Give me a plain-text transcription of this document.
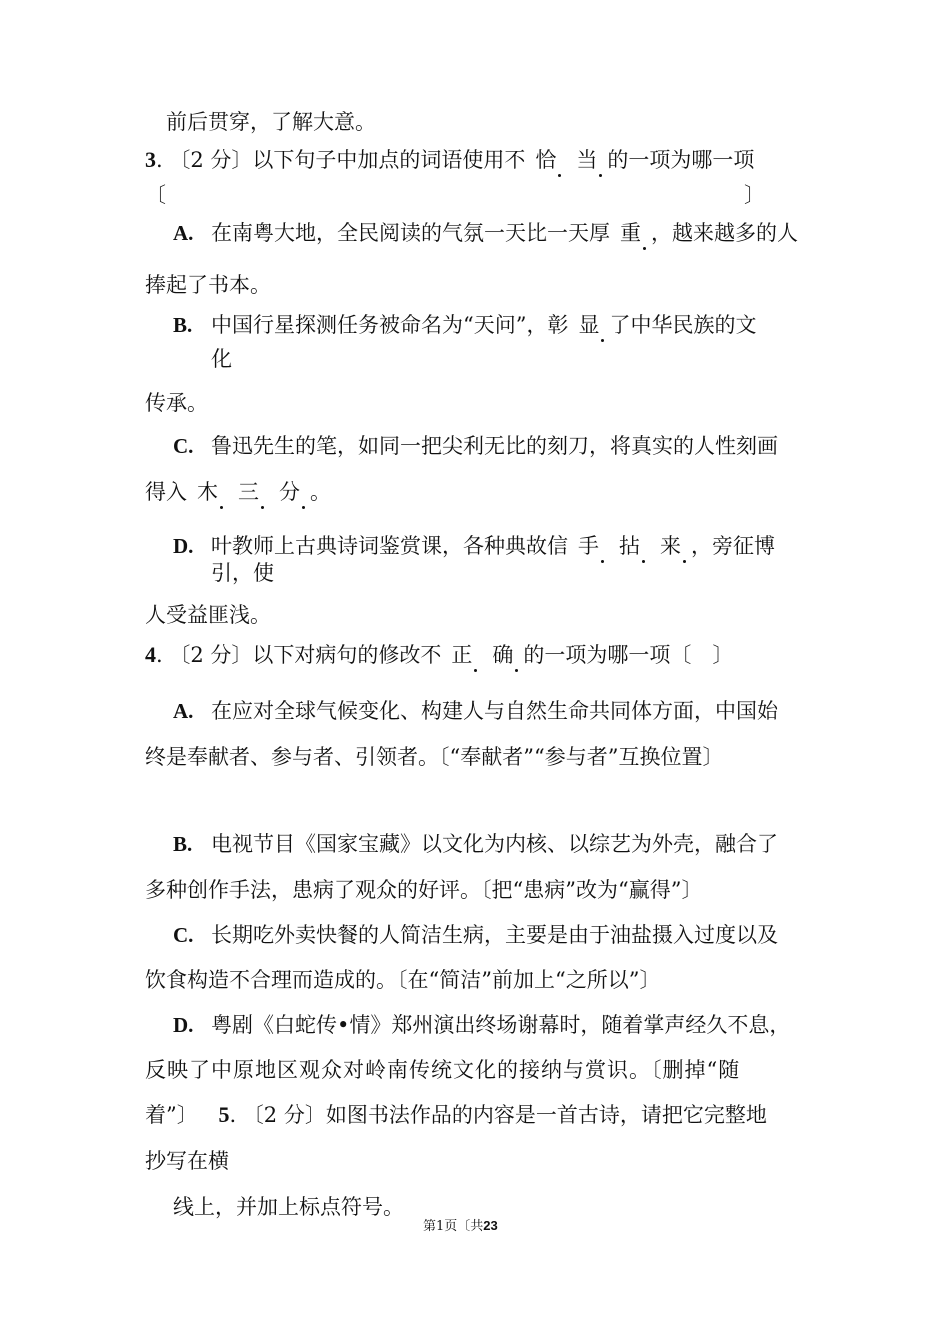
前后贯穿，了解大意。
3. 〔2 分〕以下句子中加点的词语使用不 恰 当 的一项为哪一项
〔	〕
A. 在南粤大地，全民阅读的气氛一天比一天厚 重 ，越来越多的人
捧起了书本。
B. 中国行星探测任务被命名为“天问”，彰 显 了中华民族的文
化
传承。
C. 鲁迅先生的笔，如同一把尖利无比的刻刀，将真实的人性刻画
得入 木 三 分 。
D. 叶教师上古典诗词鉴赏课，各种典故信 手 拈 来 ，旁征博
引，使
人受益匪浅。
4. 〔2 分〕以下对病句的修改不 正 确 的一项为哪一项〔　〕
A. 在应对全球气候变化、构建人与自然生命共同体方面，中国始
终是奉献者、参与者、引领者。〔“奉献者”“参与者”互换位置〕
B. 电视节目《国家宝藏》以文化为内核、以综艺为外壳，融合了
多种创作手法，患病了观众的好评。〔把“患病”改为“赢得”〕
C. 长期吃外卖快餐的人简洁生病，主要是由于油盐摄入过度以及
饮食构造不合理而造成的。〔在“简洁”前加上“之所以”〕
D. 粤剧《白蛇传•情》郑州演出终场谢幕时，随着掌声经久不息，
反映了中原地区观众对岭南传统文化的接纳与赏识。〔删掉“随
着”〕 5. 〔2 分〕如图书法作品的内容是一首古诗，请把它完整地
抄写在横
线上，并加上标点符号。
第1页〔共23
